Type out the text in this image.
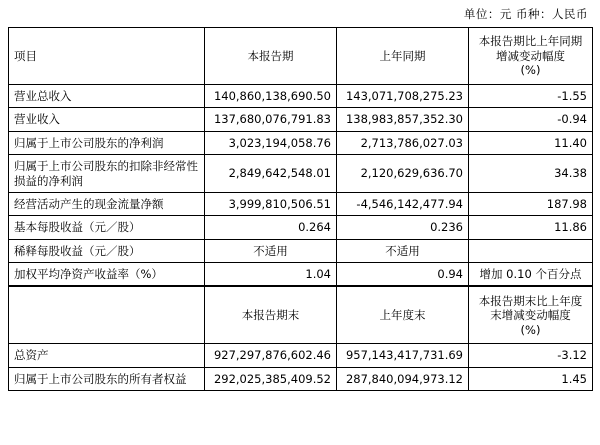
单位：元 币种：人民币
项目	本报告期	上年同期	本报告期比上年同期增减变动幅度
(%)

营业总收入	140,860,138,690.50	143,071,708,275.23	-1.55
营业收入	137,680,076,791.83	138,983,857,352.30	-0.94
归属于上市公司股东的净利润	3,023,194,058.76	2,713,786,027.03	11.40
归属于上市公司股东的扣除非经常性损益的净利润	2,849,642,548.01	2,120,629,636.70	34.38
经营活动产生的现金流量净额	3,999,810,506.51	-4,546,142,477.94	187.98
基本每股收益（元／股）	0.264	0.236	11.86
稀释每股收益（元／股）	不适用	不适用	
加权平均净资产收益率（%）	1.04	0.94	增加 0.10 个百分点
	本报告期末	上年度末	本报告期末比上年度末增减变动幅度
(%)

总资产	927,297,876,602.46	957,143,417,731.69	-3.12
归属于上市公司股东的所有者权益	292,025,385,409.52	287,840,094,973.12	1.45
